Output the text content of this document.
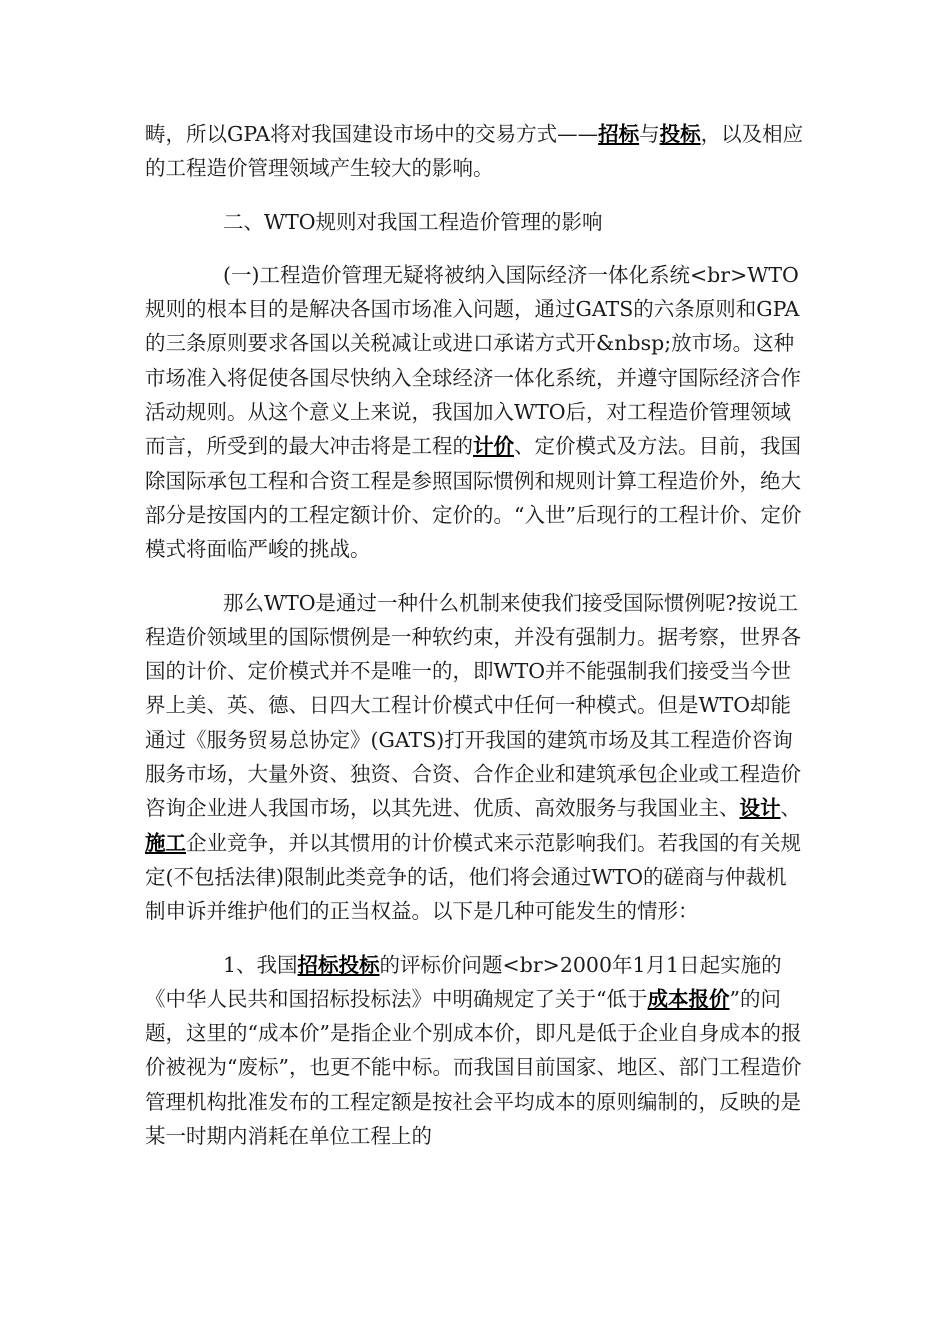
畴，所以GPA将对我国建设市场中的交易方式——招标与投标，以及相应的工程造价管理领域产生较大的影响。

二、WTO规则对我国工程造价管理的影响

(一)工程造价管理无疑将被纳入国际经济一体化系统<br>WTO规则的根本目的是解决各国市场准入问题，通过GATS的六条原则和GPA的三条原则要求各国以关税减让或进口承诺方式开&nbsp;放市场。这种市场准入将促使各国尽快纳入全球经济一体化系统，并遵守国际经济合作活动规则。从这个意义上来说，我国加入WTO后，对工程造价管理领域而言，所受到的最大冲击将是工程的计价、定价模式及方法。目前，我国除国际承包工程和合资工程是参照国际惯例和规则计算工程造价外，绝大部分是按国内的工程定额计价、定价的。“入世”后现行的工程计价、定价模式将面临严峻的挑战。

那么WTO是通过一种什么机制来使我们接受国际惯例呢?按说工程造价领域里的国际惯例是一种软约束，并没有强制力。据考察，世界各国的计价、定价模式并不是唯一的，即WTO并不能强制我们接受当今世界上美、英、德、日四大工程计价模式中任何一种模式。但是WTO却能通过《服务贸易总协定》(GATS)打开我国的建筑市场及其工程造价咨询服务市场，大量外资、独资、合资、合作企业和建筑承包企业或工程造价咨询企业进人我国市场，以其先进、优质、高效服务与我国业主、设计、施工企业竞争，并以其惯用的计价模式来示范影响我们。若我国的有关规定(不包括法律)限制此类竞争的话，他们将会通过WTO的磋商与仲裁机制申诉并维护他们的正当权益。以下是几种可能发生的情形：

1、我国招标投标的评标价问题<br>2000年1月1日起实施的《中华人民共和国招标投标法》中明确规定了关于“低于成本报价”的问题，这里的“成本价”是指企业个别成本价，即凡是低于企业自身成本的报价被视为“废标”，也更不能中标。而我国目前国家、地区、部门工程造价管理机构批准发布的工程定额是按社会平均成本的原则编制的，反映的是某一时期内消耗在单位工程上的
